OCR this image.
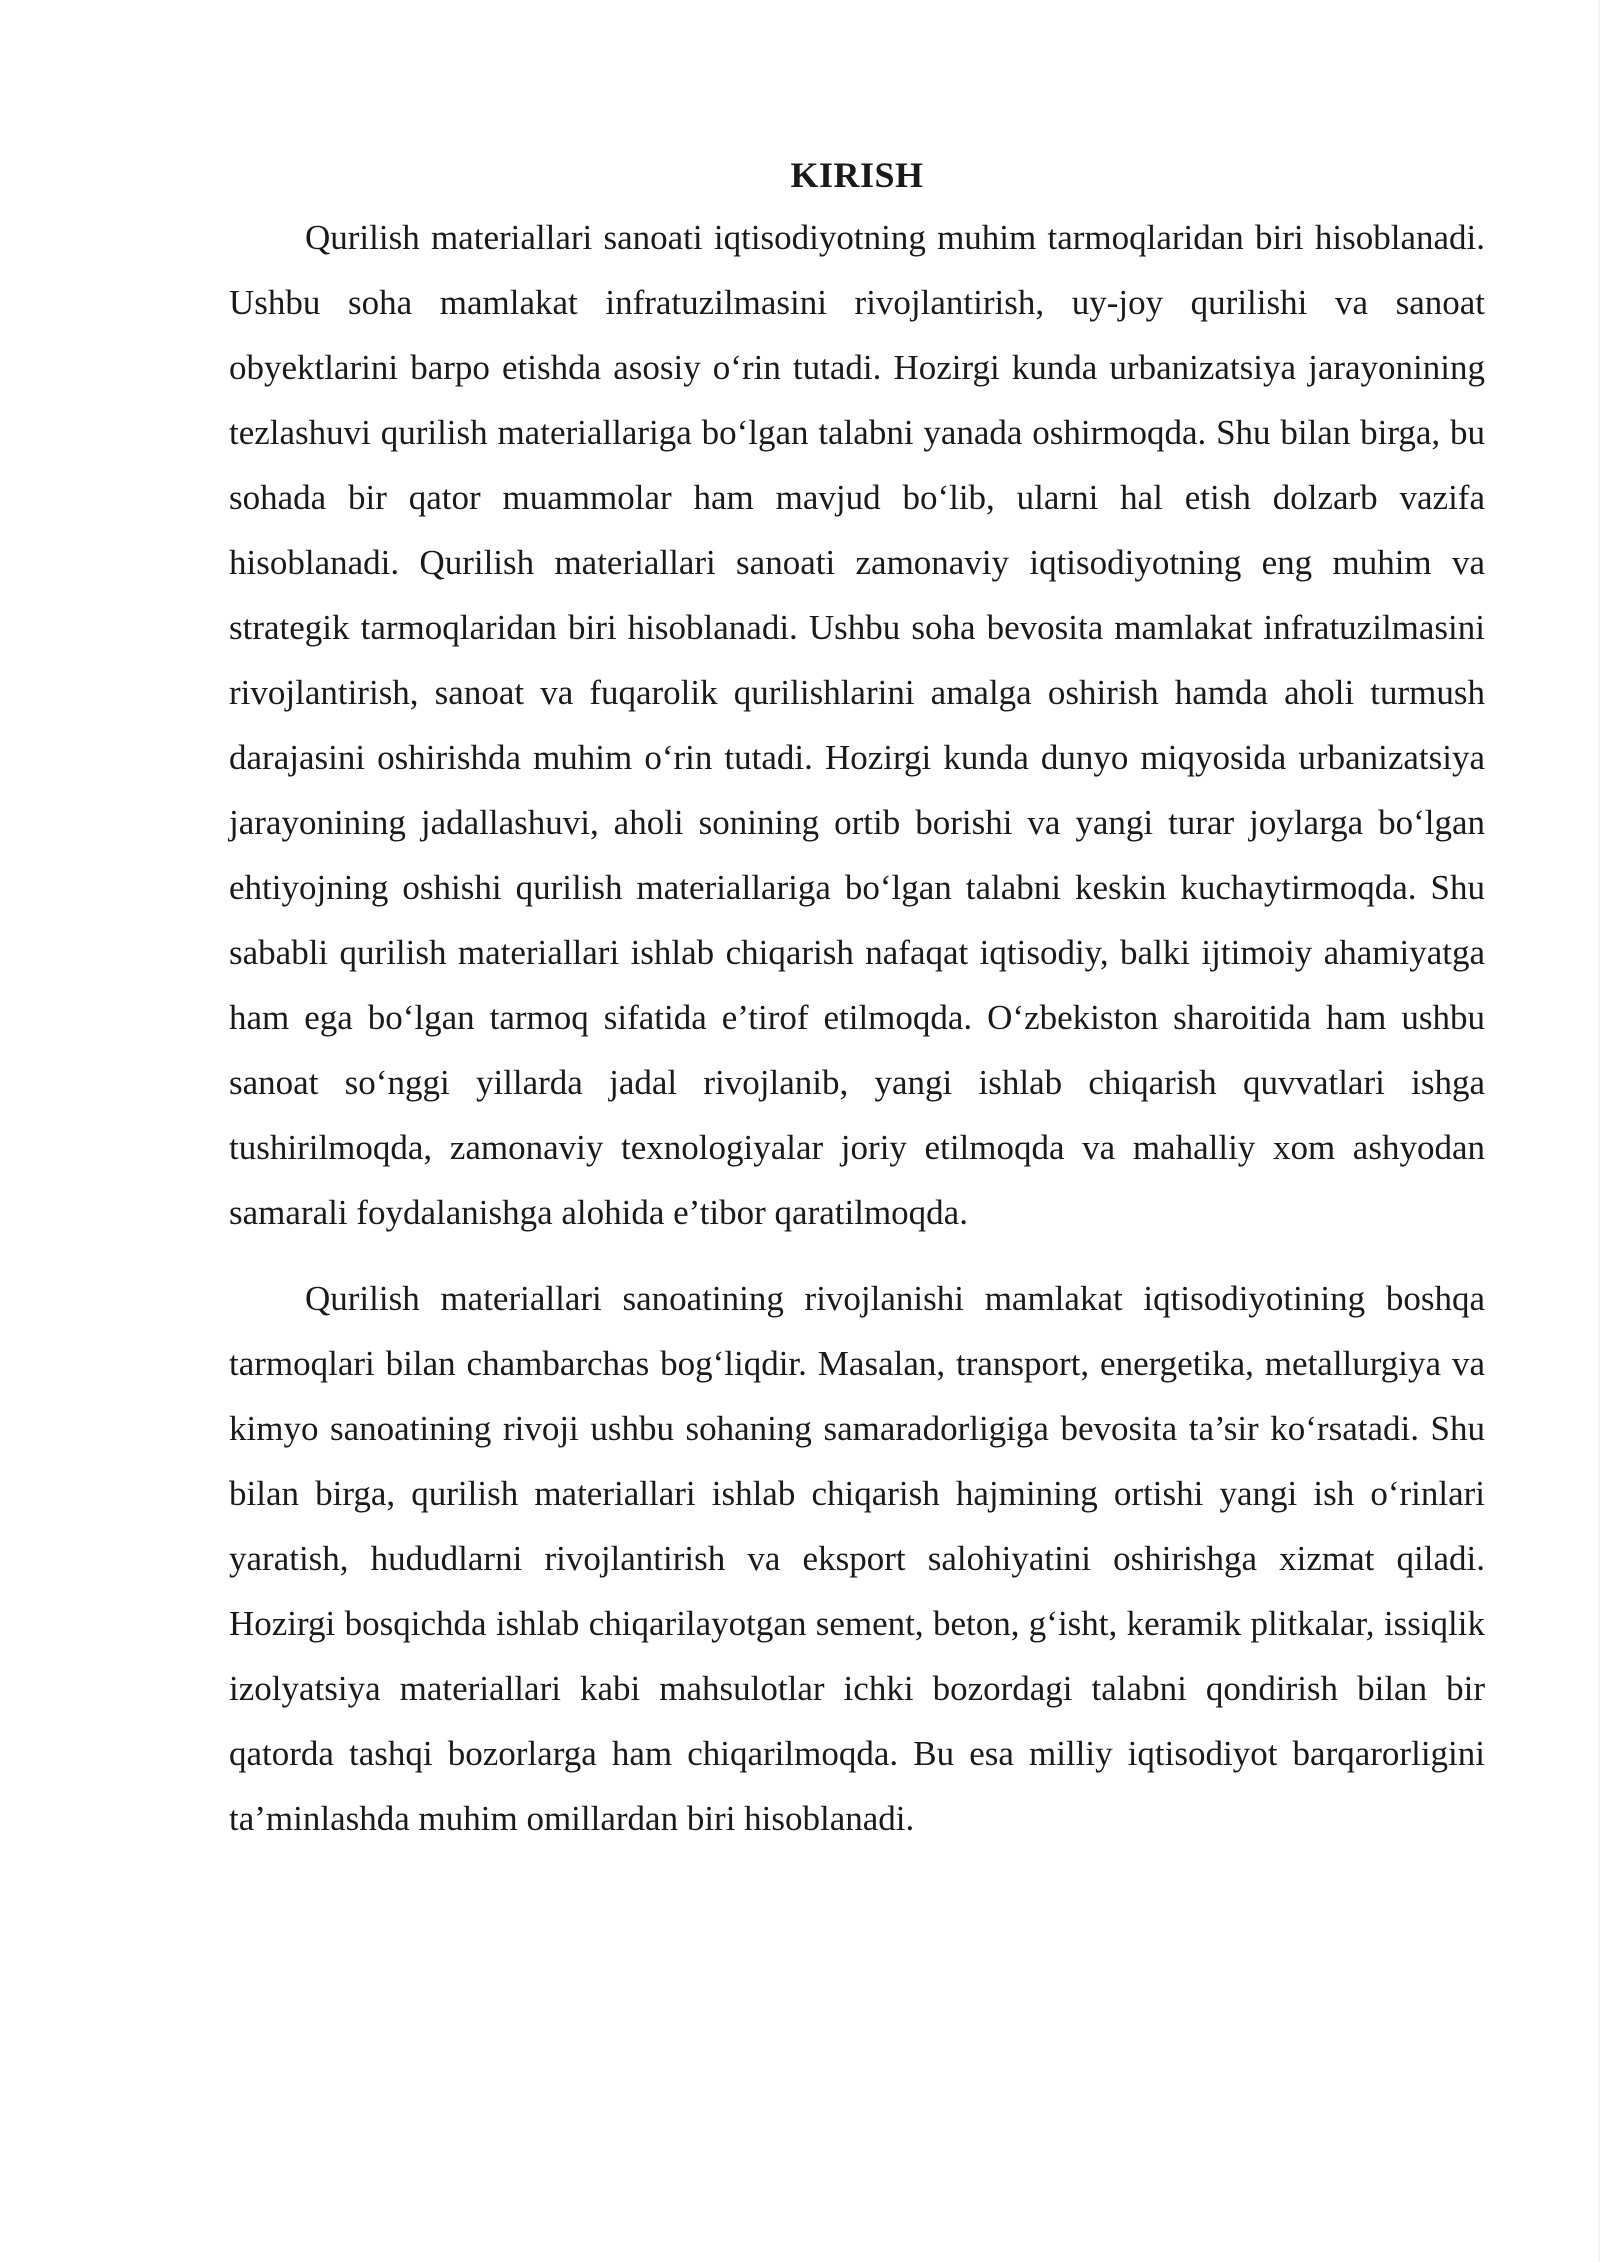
KIRISH

Qurilish materiallari sanoati iqtisodiyotning muhim tarmoqlaridan biri hisoblanadi. Ushbu soha mamlakat infratuzilmasini rivojlantirish, uy-joy qurilishi va sanoat obyektlarini barpo etishda asosiy o‘rin tutadi. Hozirgi kunda urbanizatsiya jarayonining tezlashuvi qurilish materiallariga bo‘lgan talabni yanada oshirmoqda. Shu bilan birga, bu sohada bir qator muammolar ham mavjud bo‘lib, ularni hal etish dolzarb vazifa hisoblanadi. Qurilish materiallari sanoati zamonaviy iqtisodiyotning eng muhim va strategik tarmoqlaridan biri hisoblanadi. Ushbu soha bevosita mamlakat infratuzilmasini rivojlantirish, sanoat va fuqarolik qurilishlarini amalga oshirish hamda aholi turmush darajasini oshirishda muhim o‘rin tutadi. Hozirgi kunda dunyo miqyosida urbanizatsiya jarayonining jadallashuvi, aholi sonining ortib borishi va yangi turar joylarga bo‘lgan ehtiyojning oshishi qurilish materiallariga bo‘lgan talabni keskin kuchaytirmoqda. Shu sababli qurilish materiallari ishlab chiqarish nafaqat iqtisodiy, balki ijtimoiy ahamiyatga ham ega bo‘lgan tarmoq sifatida e’tirof etilmoqda. O‘zbekiston sharoitida ham ushbu sanoat so‘nggi yillarda jadal rivojlanib, yangi ishlab chiqarish quvvatlari ishga tushirilmoqda, zamonaviy texnologiyalar joriy etilmoqda va mahalliy xom ashyodan samarali foydalanishga alohida e’tibor qaratilmoqda.

Qurilish materiallari sanoatining rivojlanishi mamlakat iqtisodiyotining boshqa tarmoqlari bilan chambarchas bog‘liqdir. Masalan, transport, energetika, metallurgiya va kimyo sanoatining rivoji ushbu sohaning samaradorligiga bevosita ta’sir ko‘rsatadi. Shu bilan birga, qurilish materiallari ishlab chiqarish hajmining ortishi yangi ish o‘rinlari yaratish, hududlarni rivojlantirish va eksport salohiyatini oshirishga xizmat qiladi. Hozirgi bosqichda ishlab chiqarilayotgan sement, beton, g‘isht, keramik plitkalar, issiqlik izolyatsiya materiallari kabi mahsulotlar ichki bozordagi talabni qondirish bilan bir qatorda tashqi bozorlarga ham chiqarilmoqda. Bu esa milliy iqtisodiyot barqarorligini ta’minlashda muhim omillardan biri hisoblanadi.
